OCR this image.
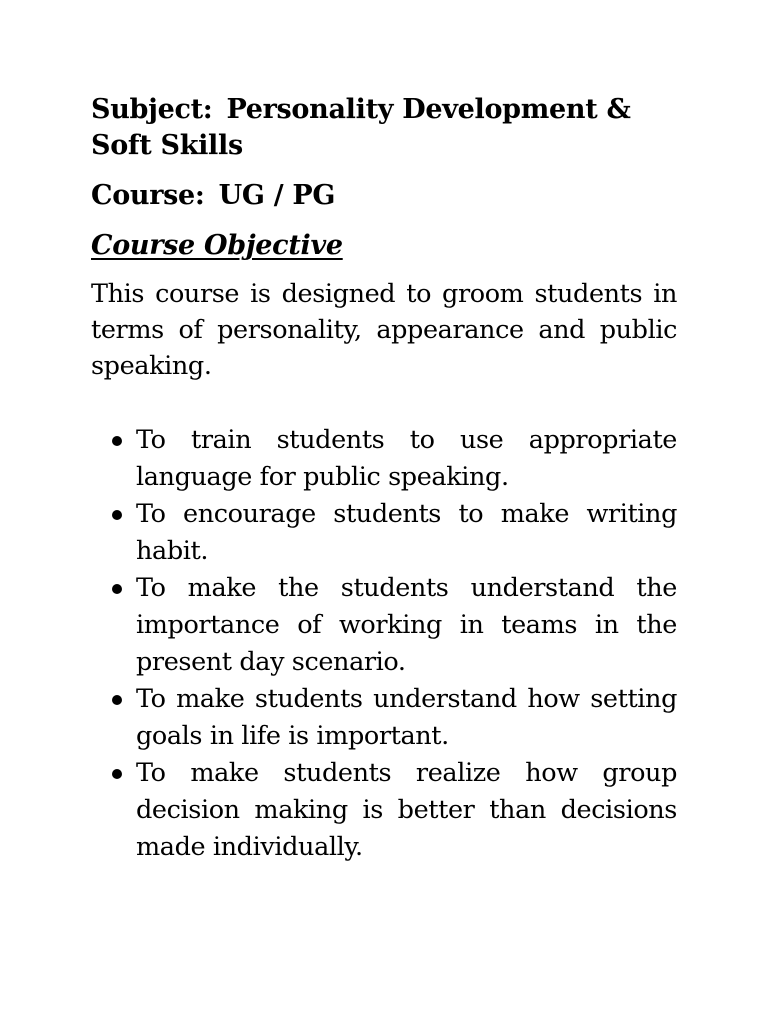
Subject: Personality Development & Soft Skills

Course: UG / PG

Course Objective

This course is designed to groom students in terms of personality, appearance and public speaking.

To train students to use appropriate language for public speaking.
To encourage students to make writing habit.
To make the students understand the importance of working in teams in the present day scenario.
To make students understand how setting goals in life is important.
To make students realize how group decision making is better than decisions made individually.
